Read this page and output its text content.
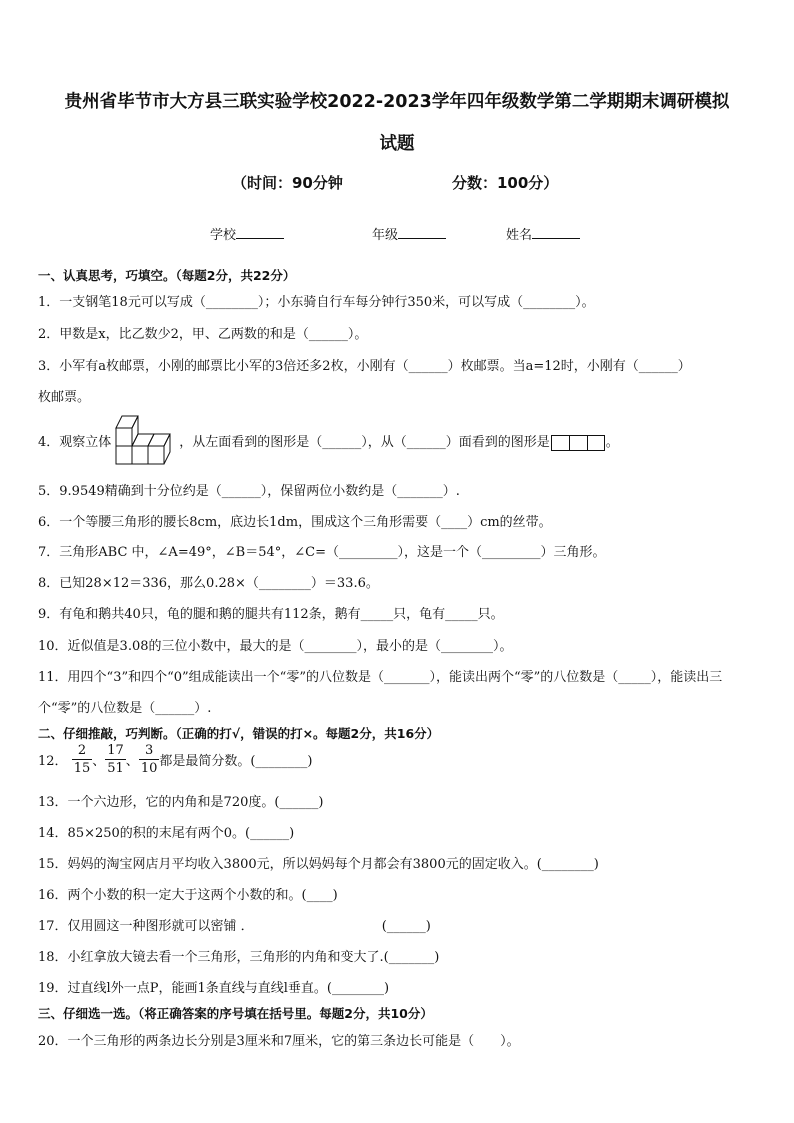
贵州省毕节市大方县三联实验学校2022-2023学年四年级数学第二学期期末调研模拟
试题
（时间：90分钟	分数：100分）
学校	年级	姓名
一、认真思考，巧填空。（每题2分，共22分）
1．一支钢笔18元可以写成（________）；小东骑自行车每分钟行350米，可以写成（________）。
2．甲数是x，比乙数少2，甲、乙两数的和是（______）。
3．小军有a枚邮票，小刚的邮票比小军的3倍还多2枚，小刚有（______）枚邮票。当a=12时，小刚有（______）
枚邮票。
4．观察立体	，从左面看到的图形是（______），从（______）面看到的图形是	。
5．9.9549精确到十分位约是（______），保留两位小数约是（_______）.
6．一个等腰三角形的腰长8cm，底边长1dm，围成这个三角形需要（____）cm的丝带。
7．三角形ABC 中，∠A=49°，∠B＝54°，∠C=（_________），这是一个（_________）三角形。
8．已知28×12＝336，那么0.28×（________）＝33.6。
9．有龟和鹅共40只，龟的腿和鹅的腿共有112条，鹅有_____只，龟有_____只。
10．近似值是3.08的三位小数中，最大的是（________），最小的是（________）。
11．用四个“3”和四个“0”组成能读出一个“零”的八位数是（_______），能读出两个“零”的八位数是（_____），能读出三
个“零”的八位数是（______）.
二、仔细推敲，巧判断。（正确的打√，错误的打×。每题2分，共16分）
12． $\frac{2}{15}$ 、 $\frac{17}{51}$ 、 $\frac{3}{10}$ 都是最简分数。(________)
13．一个六边形，它的内角和是720度。(______)
14．85×250的积的末尾有两个0。(______)
15．妈妈的淘宝网店月平均收入3800元，所以妈妈每个月都会有3800元的固定收入。(________)
16．两个小数的积一定大于这两个小数的和。(____)
17．仅用圆这一种图形就可以密铺 ．	(______)
18．小红拿放大镜去看一个三角形，三角形的内角和变大了.(_______)
19．过直线l外一点P，能画1条直线与直线l垂直。(________)
三、仔细选一选。（将正确答案的序号填在括号里。每题2分，共10分）
20．一个三角形的两条边长分别是3厘米和7厘米，它的第三条边长可能是（　　）。
